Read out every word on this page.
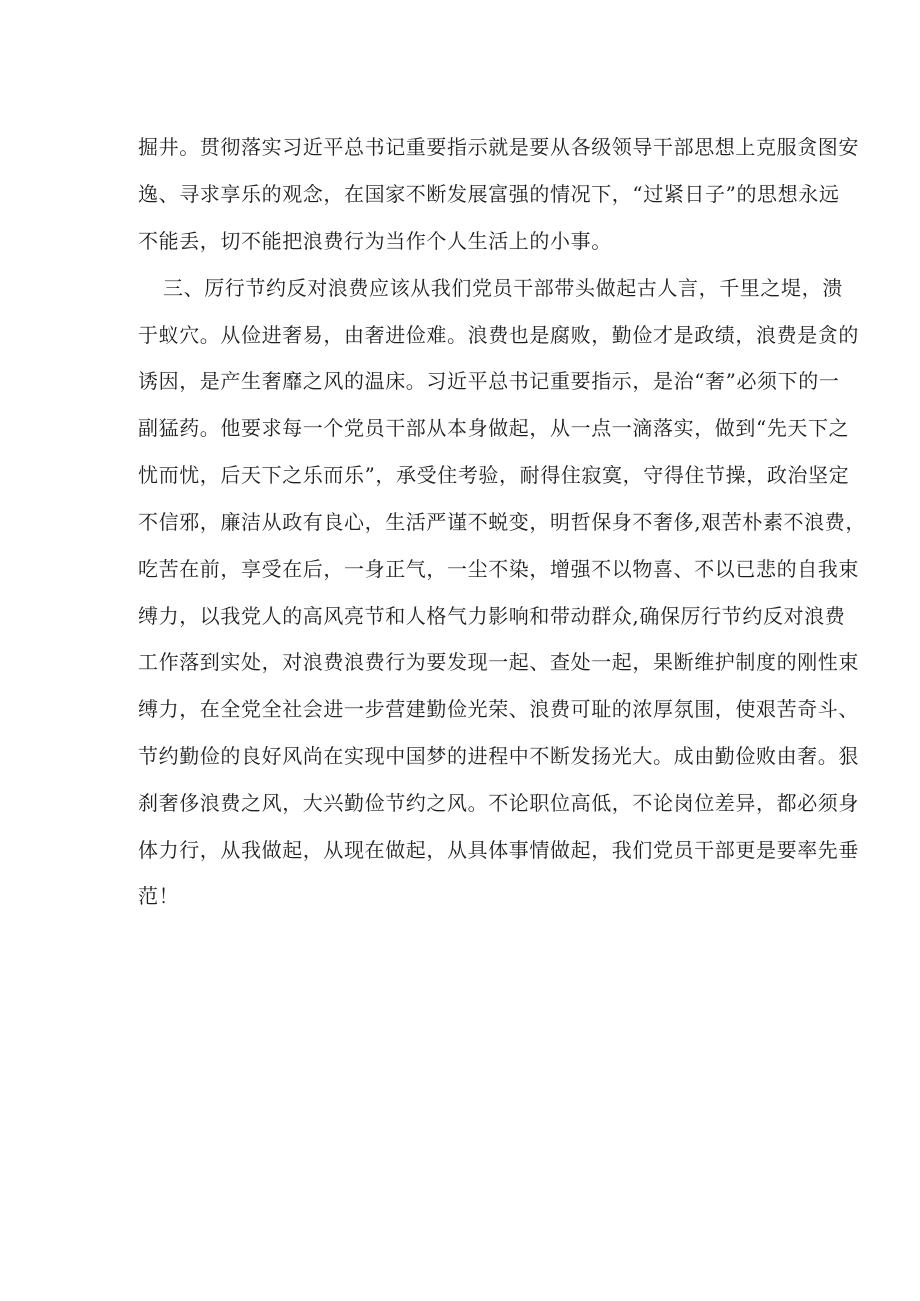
掘井。贯彻落实习近平总书记重要指示就是要从各级领导干部思想上克服贪图安
逸、寻求享乐的观念，在国家不断发展富强的情况下，“过紧日子”的思想永远
不能丢，切不能把浪费行为当作个人生活上的小事。
三、厉行节约反对浪费应该从我们党员干部带头做起古人言，千里之堤，溃
于蚁穴。从俭进奢易，由奢进俭难。浪费也是腐败，勤俭才是政绩，浪费是贪的
诱因，是产生奢靡之风的温床。习近平总书记重要指示，是治“奢”必须下的一
副猛药。他要求每一个党员干部从本身做起，从一点一滴落实，做到“先天下之
忧而忧，后天下之乐而乐”，承受住考验，耐得住寂寞，守得住节操，政治坚定
不信邪，廉洁从政有良心，生活严谨不蜕变，明哲保身不奢侈,艰苦朴素不浪费，
吃苦在前，享受在后，一身正气，一尘不染，增强不以物喜、不以已悲的自我束
缚力，以我党人的高风亮节和人格气力影响和带动群众,确保厉行节约反对浪费
工作落到实处，对浪费浪费行为要发现一起、查处一起，果断维护制度的刚性束
缚力，在全党全社会进一步营建勤俭光荣、浪费可耻的浓厚氛围，使艰苦奇斗、
节约勤俭的良好风尚在实现中国梦的进程中不断发扬光大。成由勤俭败由奢。狠
刹奢侈浪费之风，大兴勤俭节约之风。不论职位高低，不论岗位差异，都必须身
体力行，从我做起，从现在做起，从具体事情做起，我们党员干部更是要率先垂
范！
